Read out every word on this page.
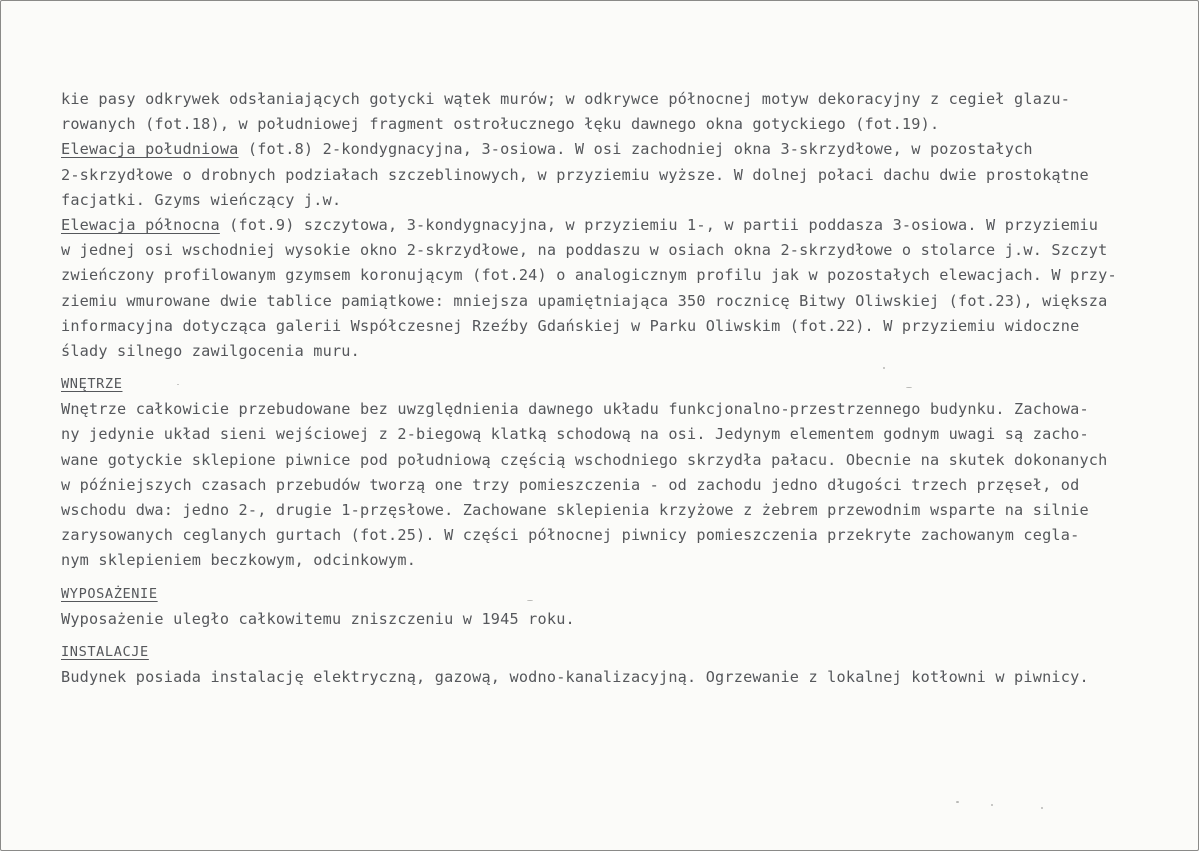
kie pasy odkrywek odsłaniających gotycki wątek murów; w odkrywce północnej motyw dekoracyjny z cegieł glazu-
rowanych (fot.18), w południowej fragment ostrołucznego łęku dawnego okna gotyckiego (fot.19).
Elewacja południowa (fot.8) 2-kondygnacyjna, 3-osiowa. W osi zachodniej okna 3-skrzydłowe, w pozostałych
2-skrzydłowe o drobnych podziałach szczeblinowych, w przyziemiu wyższe. W dolnej połaci dachu dwie prostokątne
facjatki. Gzyms wieńczący j.w.
Elewacja północna (fot.9) szczytowa, 3-kondygnacyjna, w przyziemiu 1-, w partii poddasza 3-osiowa. W przyziemiu
w jednej osi wschodniej wysokie okno 2-skrzydłowe, na poddaszu w osiach okna 2-skrzydłowe o stolarce j.w. Szczyt
zwieńczony profilowanym gzymsem koronującym (fot.24) o analogicznym profilu jak w pozostałych elewacjach. W przy-
ziemiu wmurowane dwie tablice pamiątkowe: mniejsza upamiętniająca 350 rocznicę Bitwy Oliwskiej (fot.23), większa
informacyjna dotycząca galerii Współczesnej Rzeźby Gdańskiej w Parku Oliwskim (fot.22). W przyziemiu widoczne
ślady silnego zawilgocenia muru.
WNĘTRZE
Wnętrze całkowicie przebudowane bez uwzględnienia dawnego układu funkcjonalno-przestrzennego budynku. Zachowa-
ny jedynie układ sieni wejściowej z 2-biegową klatką schodową na osi. Jedynym elementem godnym uwagi są zacho-
wane gotyckie sklepione piwnice pod południową częścią wschodniego skrzydła pałacu. Obecnie na skutek dokonanych
w późniejszych czasach przebudów tworzą one trzy pomieszczenia - od zachodu jedno długości trzech przęseł, od
wschodu dwa: jedno 2-, drugie 1-przęsłowe. Zachowane sklepienia krzyżowe z żebrem przewodnim wsparte na silnie
zarysowanych ceglanych gurtach (fot.25). W części północnej piwnicy pomieszczenia przekryte zachowanym cegla-
nym sklepieniem beczkowym, odcinkowym.
WYPOSAŻENIE
Wyposażenie uległo całkowitemu zniszczeniu w 1945 roku.
INSTALACJE
Budynek posiada instalację elektryczną, gazową, wodno-kanalizacyjną. Ogrzewanie z lokalnej kotłowni w piwnicy.
